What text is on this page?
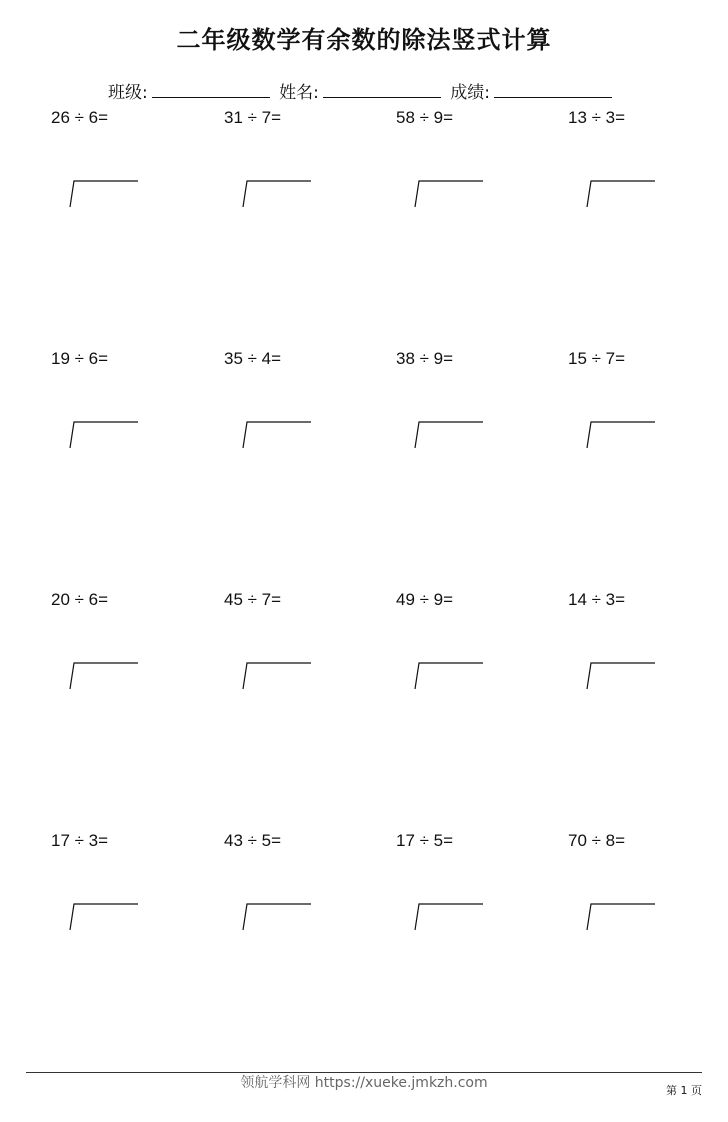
二年级数学有余数的除法竖式计算
班级:	姓名:	成绩:
26 ÷ 6=	31 ÷ 7=	58 ÷ 9=	13 ÷ 3=
19 ÷ 6=	35 ÷ 4=	38 ÷ 9=	15 ÷ 7=
20 ÷ 6=	45 ÷ 7=	49 ÷ 9=	14 ÷ 3=
17 ÷ 3=	43 ÷ 5=	17 ÷ 5=	70 ÷ 8=
领航学科网 https://xueke.jmkzh.com	第 1 页
